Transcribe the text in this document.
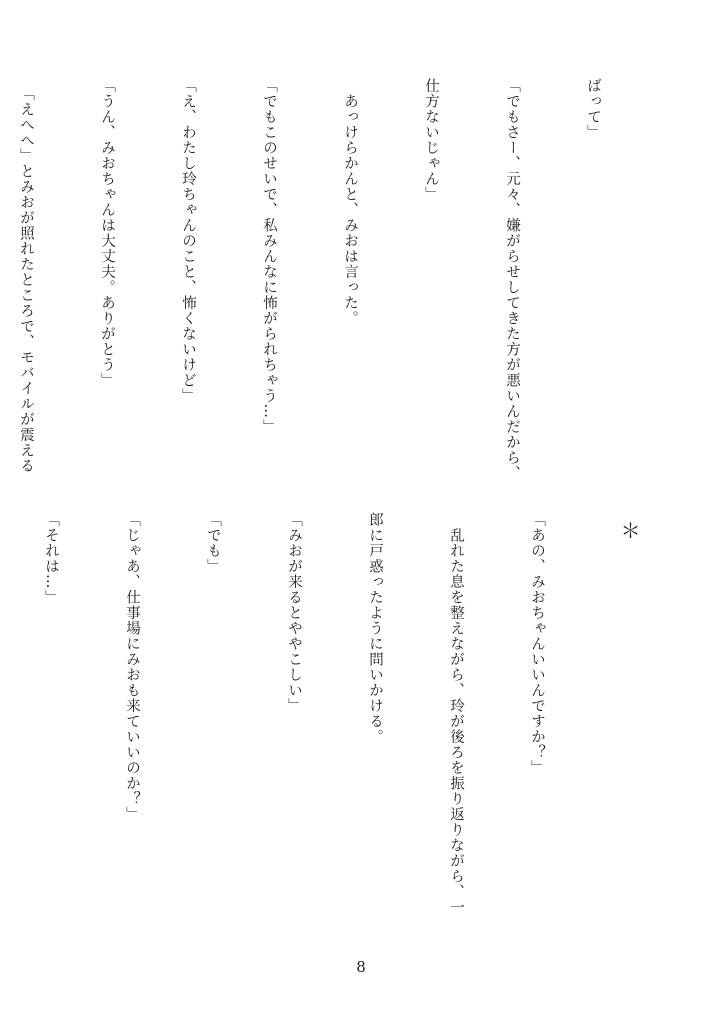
ばって」

「でもさー、元々、嫌がらせしてきた方が悪いんだから、

仕方ないじゃん」

　あっけらかんと、みおは言った。

「でもこのせいで、私みんなに怖がられちゃう…」

「え、わたし玲ちゃんのこと、怖くないけど」

「うん、みおちゃんは大丈夫。ありがとう」

　「えへへ」とみおが照れたところで、モバイルが震える

＊

「あの、みおちゃんいいんですか？」

　乱れた息を整えながら、玲が後ろを振り返りながら、一

郎に戸惑ったように問いかける。

「みおが来るとややこしい」

「でも」

「じゃあ、仕事場にみおも来ていいのか？」

「それは…」

8
